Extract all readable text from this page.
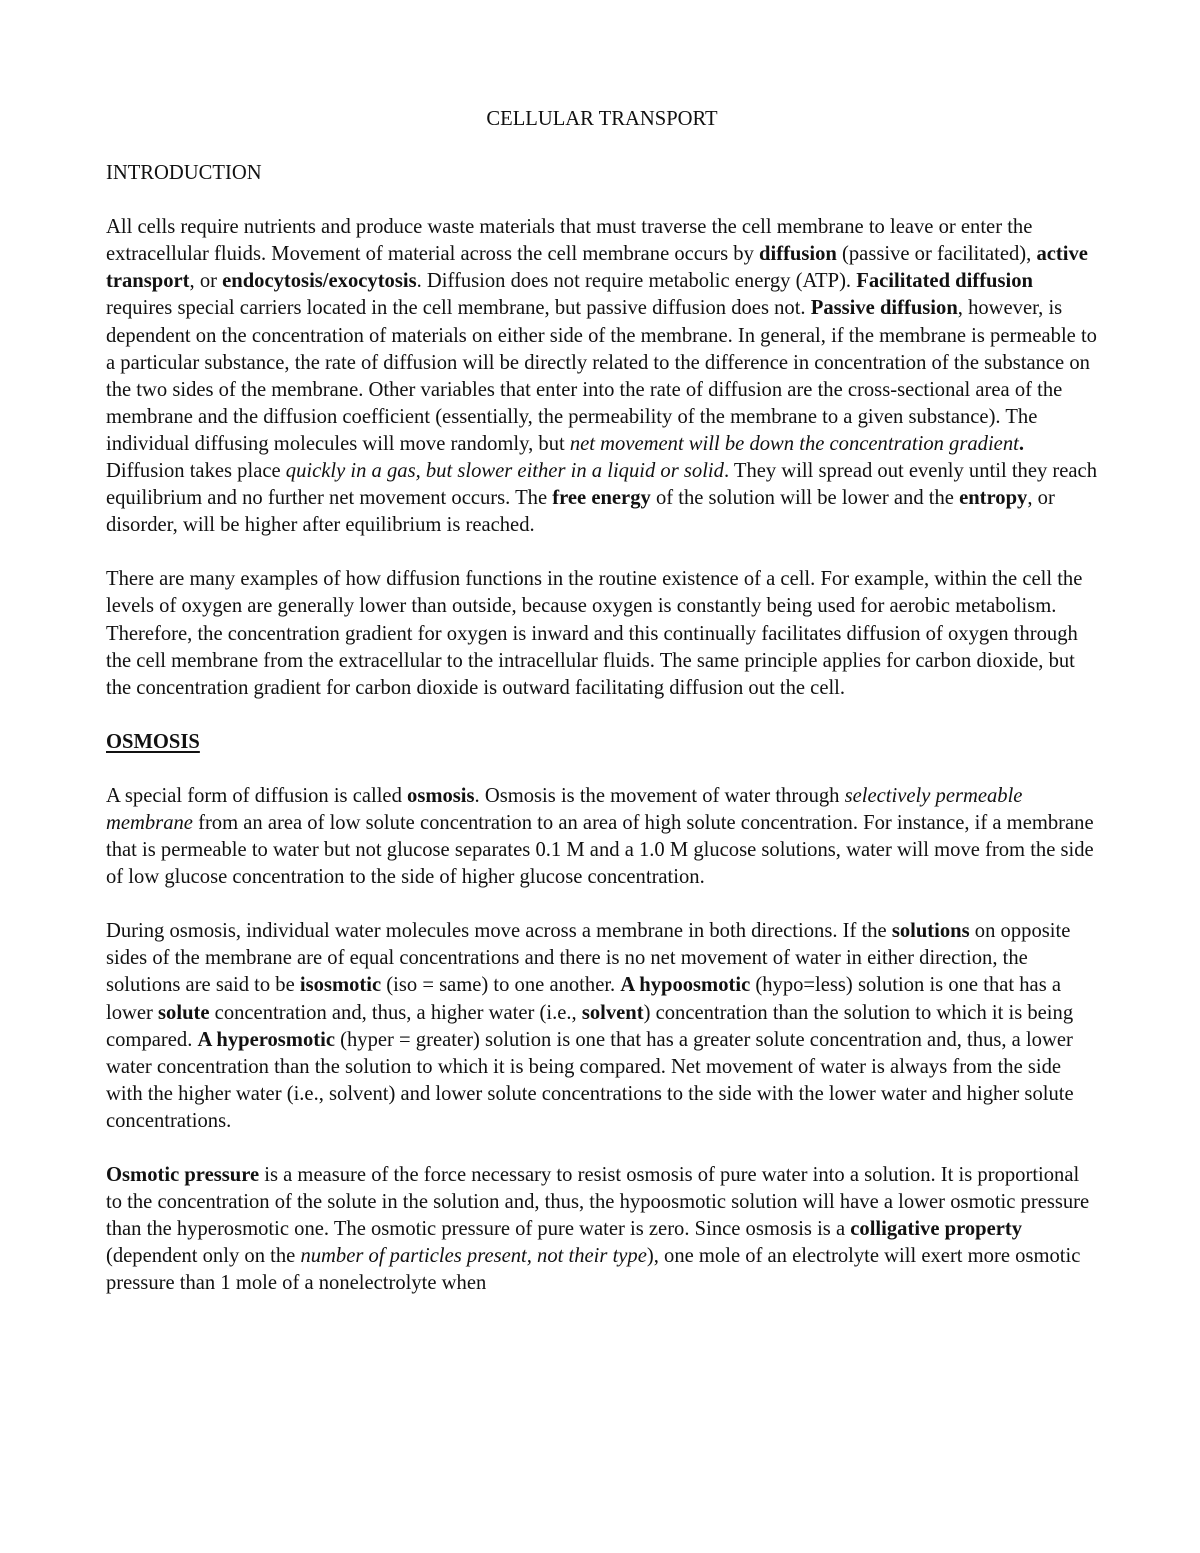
CELLULAR TRANSPORT
INTRODUCTION

All cells require nutrients and produce waste materials that must traverse the cell membrane to leave or enter the extracellular fluids. Movement of material across the cell membrane occurs by diffusion (passive or facilitated), active transport, or endocytosis/exocytosis. Diffusion does not require metabolic energy (ATP). Facilitated diffusion requires special carriers located in the cell membrane, but passive diffusion does not. Passive diffusion, however, is dependent on the concentration of materials on either side of the membrane. In general, if the membrane is permeable to a particular substance, the rate of diffusion will be directly related to the difference in concentration of the substance on the two sides of the membrane. Other variables that enter into the rate of diffusion are the cross-sectional area of the membrane and the diffusion coefficient (essentially, the permeability of the membrane to a given substance). The individual diffusing molecules will move randomly, but net movement will be down the concentration gradient. Diffusion takes place quickly in a gas, but slower either in a liquid or solid. They will spread out evenly until they reach equilibrium and no further net movement occurs. The free energy of the solution will be lower and the entropy, or disorder, will be higher after equilibrium is reached.

There are many examples of how diffusion functions in the routine existence of a cell. For example, within the cell the levels of oxygen are generally lower than outside, because oxygen is constantly being used for aerobic metabolism. Therefore, the concentration gradient for oxygen is inward and this continually facilitates diffusion of oxygen through the cell membrane from the extracellular to the intracellular fluids. The same principle applies for carbon dioxide, but the concentration gradient for carbon dioxide is outward facilitating diffusion out the cell.

OSMOSIS

A special form of diffusion is called osmosis. Osmosis is the movement of water through selectively permeable membrane from an area of low solute concentration to an area of high solute concentration. For instance, if a membrane that is permeable to water but not glucose separates 0.1 M and a 1.0 M glucose solutions, water will move from the side of low glucose concentration to the side of higher glucose concentration.

During osmosis, individual water molecules move across a membrane in both directions. If the solutions on opposite sides of the membrane are of equal concentrations and there is no net movement of water in either direction, the solutions are said to be isosmotic (iso = same) to one another. A hypoosmotic (hypo=less) solution is one that has a lower solute concentration and, thus, a higher water (i.e., solvent) concentration than the solution to which it is being compared. A hyperosmotic (hyper = greater) solution is one that has a greater solute concentration and, thus, a lower water concentration than the solution to which it is being compared. Net movement of water is always from the side with the higher water (i.e., solvent) and lower solute concentrations to the side with the lower water and higher solute concentrations.

Osmotic pressure is a measure of the force necessary to resist osmosis of pure water into a solution. It is proportional to the concentration of the solute in the solution and, thus, the hypoosmotic solution will have a lower osmotic pressure than the hyperosmotic one. The osmotic pressure of pure water is zero. Since osmosis is a colligative property (dependent only on the number of particles present, not their type), one mole of an electrolyte will exert more osmotic pressure than 1 mole of a nonelectrolyte when
